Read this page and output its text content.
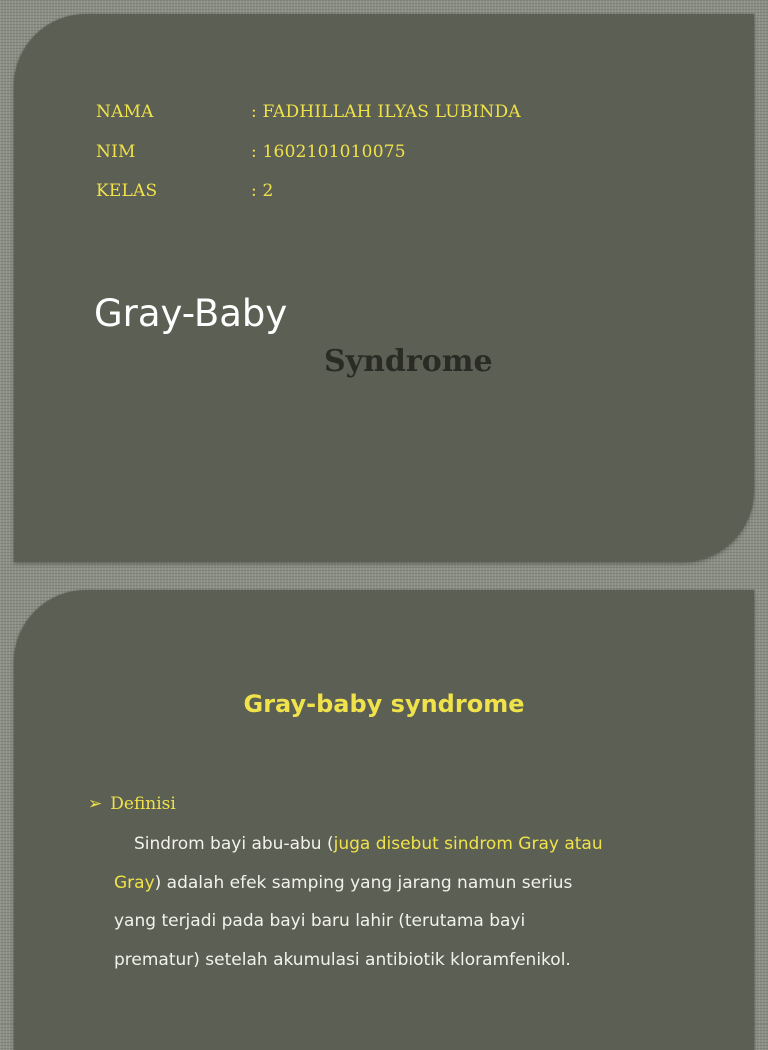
NAMA	: FADHILLAH ILYAS LUBINDA
NIM	: 1602101010075
KELAS	: 2
Gray-Baby
Syndrome
Gray-baby syndrome
➢ Definisi
Sindrom bayi abu-abu (juga disebut sindrom Gray atau
Gray) adalah efek samping yang jarang namun serius
yang terjadi pada bayi baru lahir (terutama bayi
prematur) setelah akumulasi antibiotik kloramfenikol.
